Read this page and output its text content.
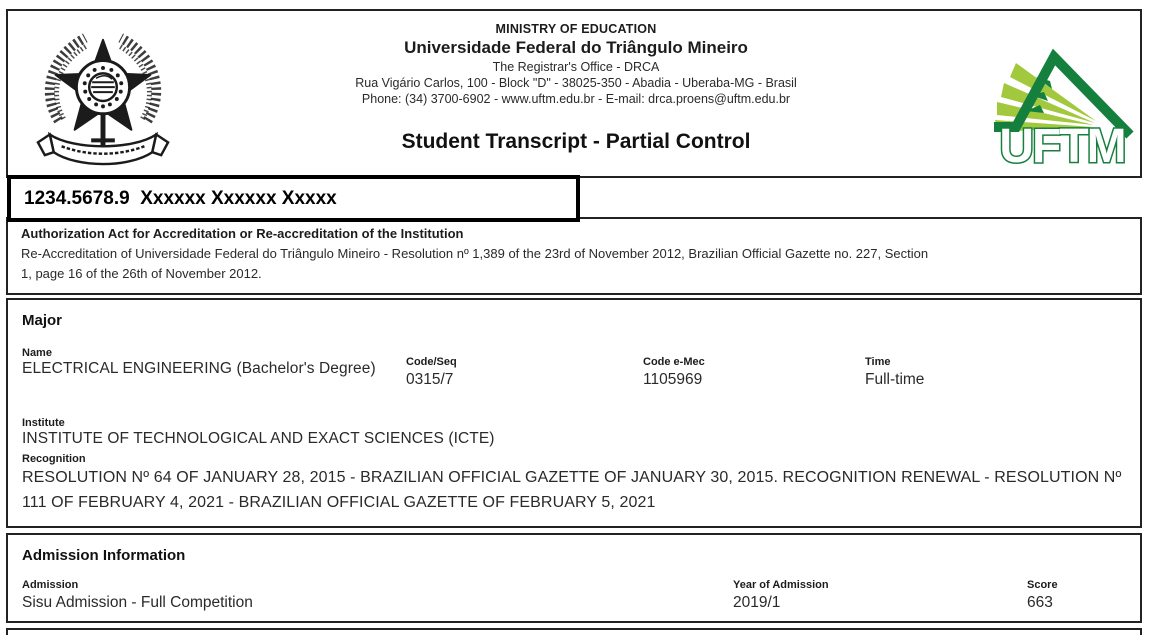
MINISTRY OF EDUCATION
Universidade Federal do Triângulo Mineiro
The Registrar's Office - DRCA
Rua Vigário Carlos, 100 - Block "D" - 38025-350 - Abadia - Uberaba-MG - Brasil
Phone: (34) 3700-6902 - www.uftm.edu.br - E-mail: drca.proens@uftm.edu.br
Student Transcript - Partial Control	UFTM
1234.5678.9  Xxxxxx Xxxxxx Xxxxx
Authorization Act for Accreditation or Re-accreditation of the Institution
Re-Accreditation of Universidade Federal do Triângulo Mineiro - Resolution nº 1,389 of the 23rd of November 2012, Brazilian Official Gazette no. 227, Section
1, page 16 of the 26th of November 2012.
Major
Name
ELECTRICAL ENGINEERING (Bachelor's Degree)	Code/Seq
0315/7
Code e-Mec
1105969
Time
Full-time
Institute
INSTITUTE OF TECHNOLOGICAL AND EXACT SCIENCES (ICTE)
Recognition
RESOLUTION Nº 64 OF JANUARY 28, 2015 - BRAZILIAN OFFICIAL GAZETTE OF JANUARY 30, 2015. RECOGNITION RENEWAL - RESOLUTION Nº 111 OF FEBRUARY 4, 2021 - BRAZILIAN OFFICIAL GAZETTE OF FEBRUARY 5, 2021
Admission Information
Admission
Sisu Admission - Full Competition
Year of Admission
2019/1
Score
663
